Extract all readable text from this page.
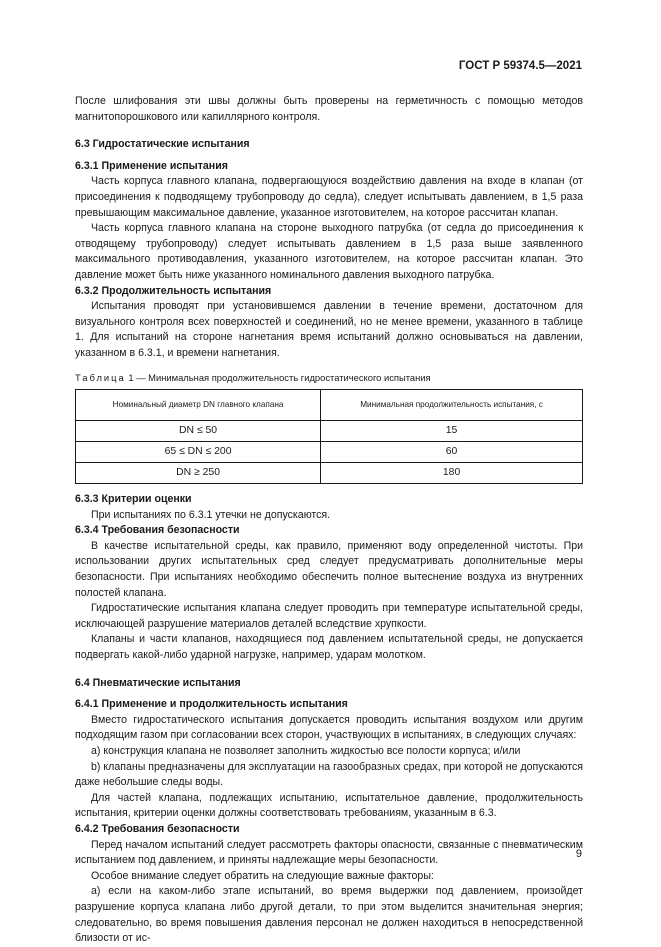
ГОСТ Р 59374.5—2021

После шлифования эти швы должны быть проверены на герметичность с помощью методов магнитопорошкового или капиллярного контроля.

6.3 Гидростатические испытания

6.3.1 Применение испытания

Часть корпуса главного клапана, подвергающуюся воздействию давления на входе в клапан (от присоединения к подводящему трубопроводу до седла), следует испытывать давлением, в 1,5 раза превышающим максимальное давление, указанное изготовителем, на которое рассчитан клапан.

Часть корпуса главного клапана на стороне выходного патрубка (от седла до присоединения к отводящему трубопроводу) следует испытывать давлением в 1,5 раза выше заявленного максимального противодавления, указанного изготовителем, на которое рассчитан клапан. Это давление может быть ниже указанного номинального давления выходного патрубка.

6.3.2 Продолжительность испытания

Испытания проводят при установившемся давлении в течение времени, достаточном для визуального контроля всех поверхностей и соединений, но не менее времени, указанного в таблице 1. Для испытаний на стороне нагнетания время испытаний должно основываться на давлении, указанном в 6.3.1, и времени нагнетания.

Таблица 1 — Минимальная продолжительность гидростатического испытания
Номинальный диаметр DN главного клапана	Минимальная продолжительность испытания, с
DN ≤ 50	15
65 ≤ DN ≤ 200	60
DN ≥ 250	180

6.3.3 Критерии оценки

При испытаниях по 6.3.1 утечки не допускаются.

6.3.4 Требования безопасности

В качестве испытательной среды, как правило, применяют воду определенной чистоты. При использовании других испытательных сред следует предусматривать дополнительные меры безопасности. При испытаниях необходимо обеспечить полное вытеснение воздуха из внутренних полостей клапана.

Гидростатические испытания клапана следует проводить при температуре испытательной среды, исключающей разрушение материалов деталей вследствие хрупкости.

Клапаны и части клапанов, находящиеся под давлением испытательной среды, не допускается подвергать какой-либо ударной нагрузке, например, ударам молотком.

6.4 Пневматические испытания

6.4.1 Применение и продолжительность испытания

Вместо гидростатического испытания допускается проводить испытания воздухом или другим подходящим газом при согласовании всех сторон, участвующих в испытаниях, в следующих случаях:

a) конструкция клапана не позволяет заполнить жидкостью все полости корпуса; и/или

b) клапаны предназначены для эксплуатации на газообразных средах, при которой не допускаются даже небольшие следы воды.

Для частей клапана, подлежащих испытанию, испытательное давление, продолжительность испытания, критерии оценки должны соответствовать требованиям, указанным в 6.3.

6.4.2 Требования безопасности

Перед началом испытаний следует рассмотреть факторы опасности, связанные с пневматическим испытанием под давлением, и приняты надлежащие меры безопасности.

Особое внимание следует обратить на следующие важные факторы:

a) если на каком-либо этапе испытаний, во время выдержки под давлением, произойдет разрушение корпуса клапана либо другой детали, то при этом выделится значительная энергия; следовательно, во время повышения давления персонал не должен находиться в непосредственной близости от ис-

9
